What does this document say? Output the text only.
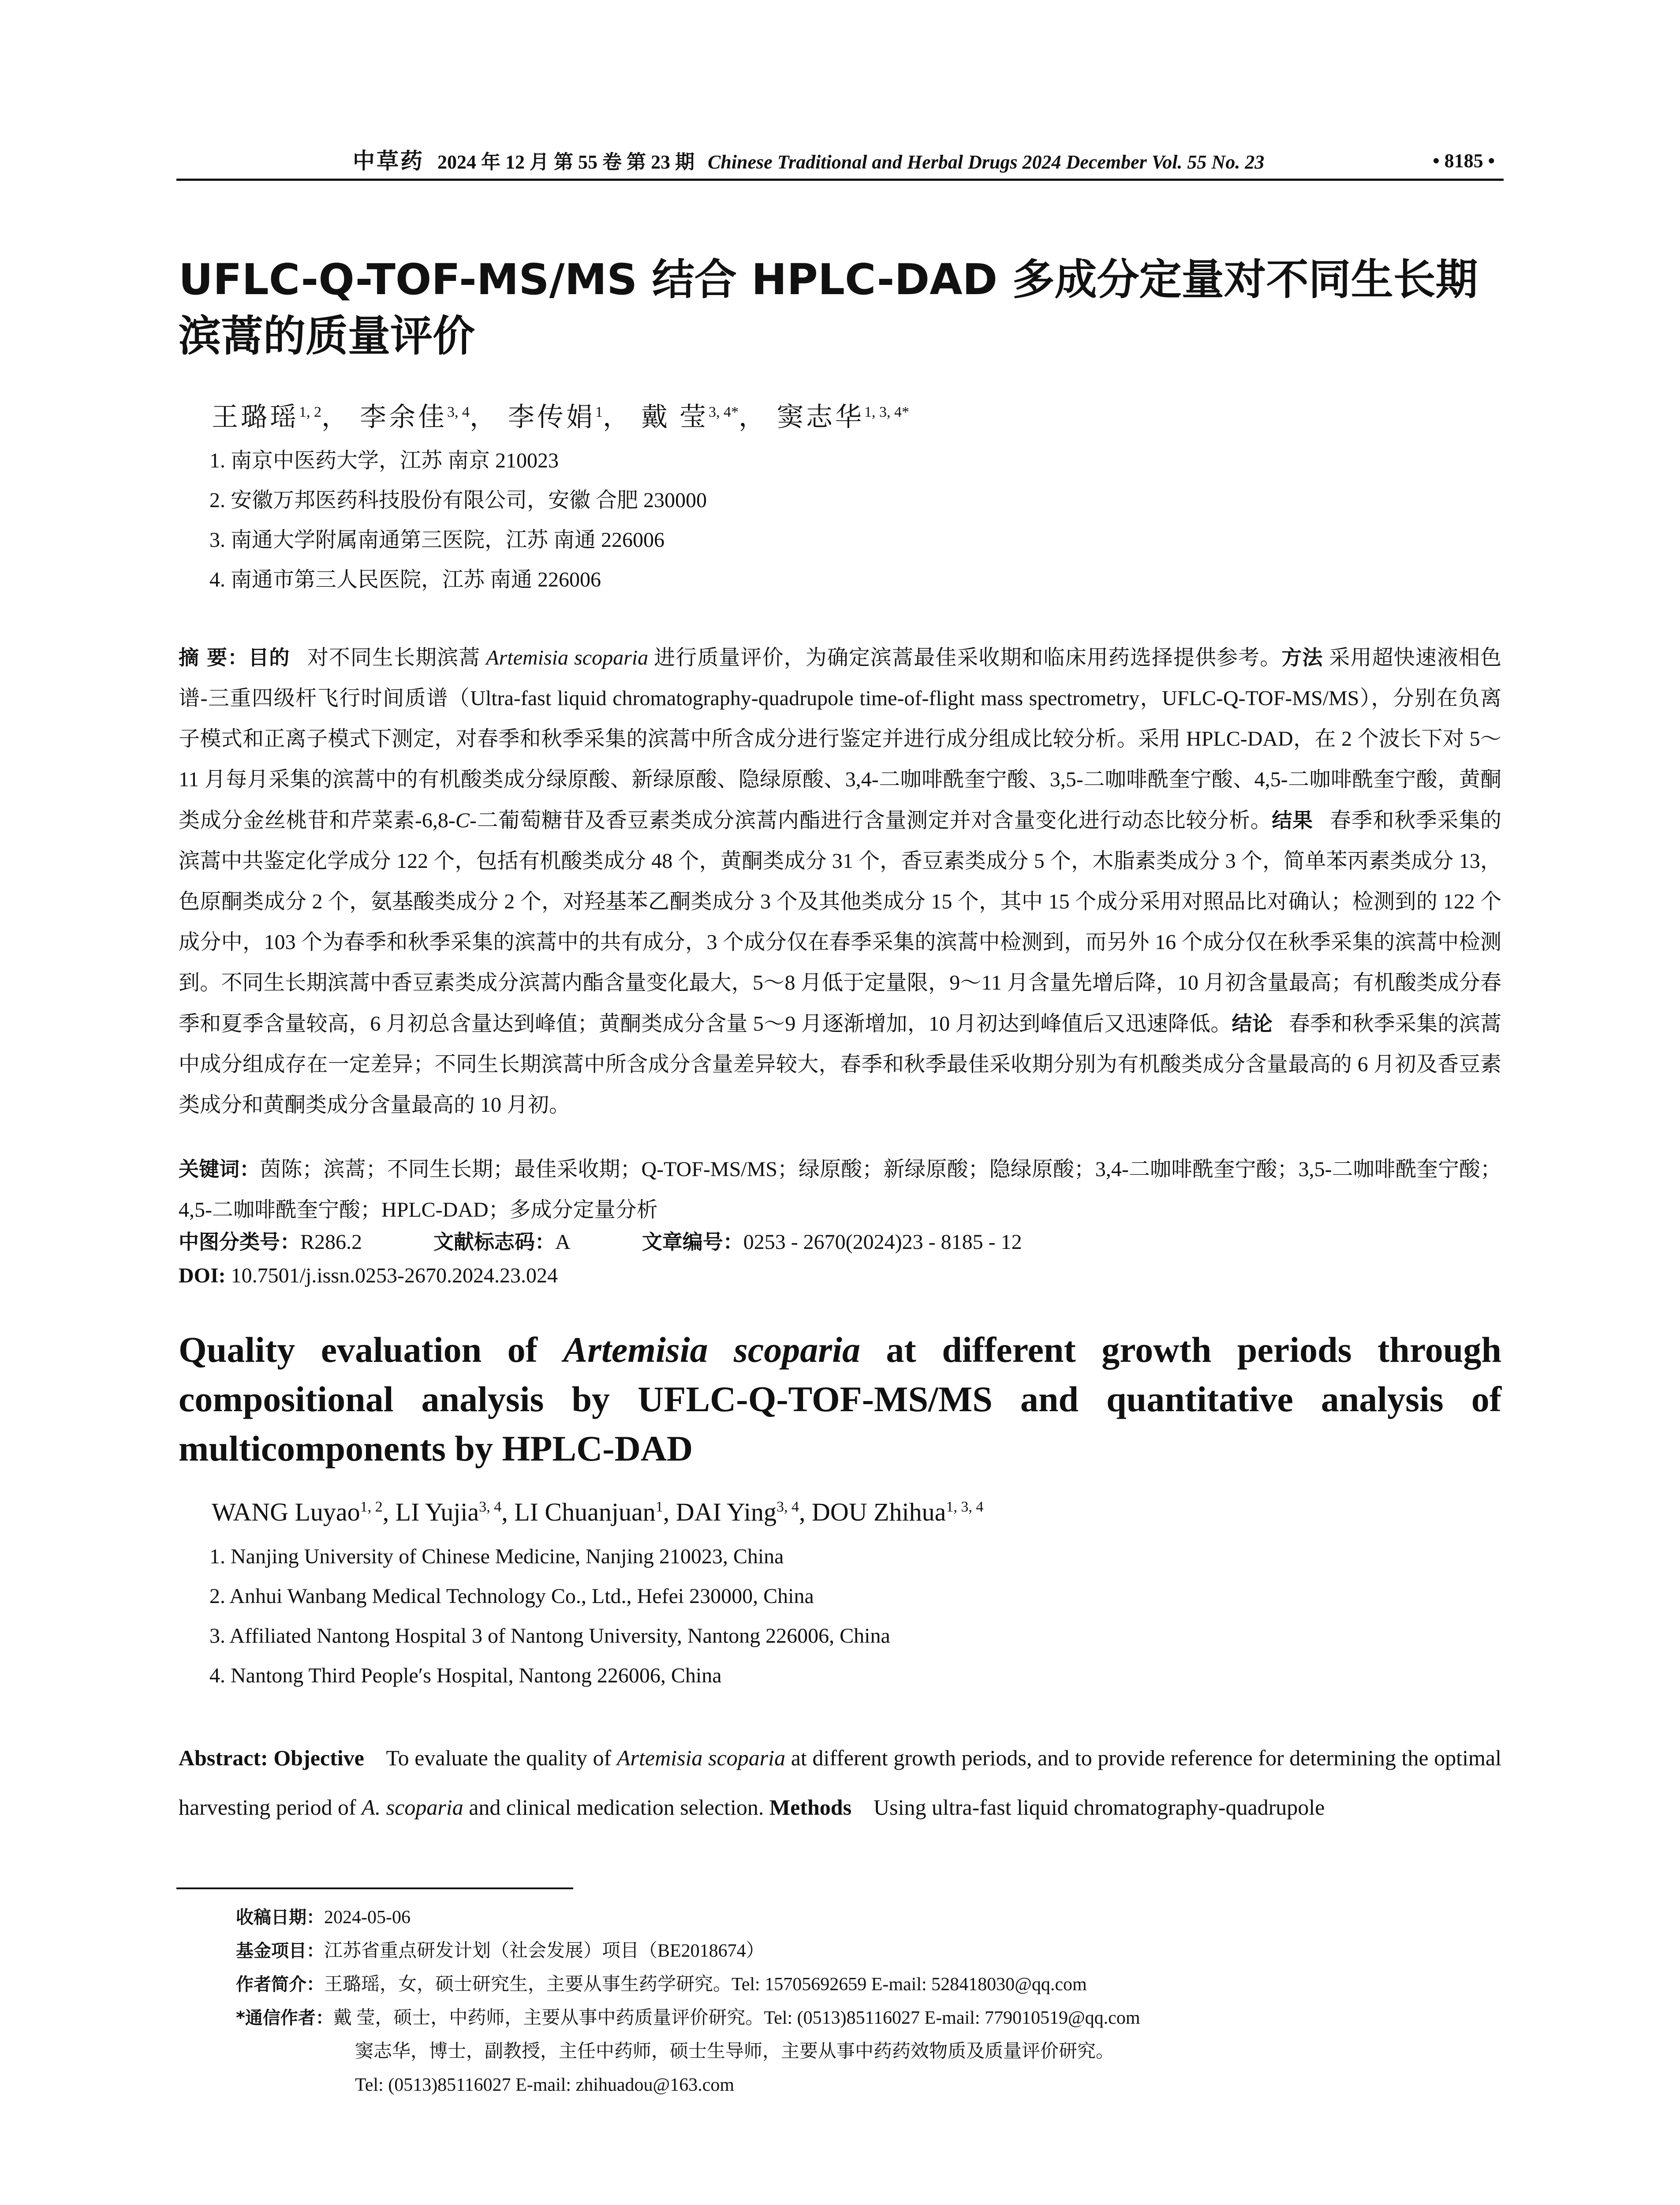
中草药 2024 年 12 月 第 55 卷 第 23 期 Chinese Traditional and Herbal Drugs 2024 December Vol. 55 No. 23	• 8185 •
UFLC-Q-TOF-MS/MS 结合 HPLC-DAD 多成分定量对不同生长期滨蒿的质量评价
王璐瑶$^{1, 2}$， 李余佳$^{3, 4}$， 李传娟$^1$， 戴 莹$^{3, 4*}$， 窦志华$^{1, 3, 4*}$
1. 南京中医药大学，江苏 南京 210023
2. 安徽万邦医药科技股份有限公司，安徽 合肥 230000
3. 南通大学附属南通第三医院，江苏 南通 226006
4. 南通市第三人民医院，江苏 南通 226006
摘 要：目的 对不同生长期滨蒿 Artemisia scoparia 进行质量评价，为确定滨蒿最佳采收期和临床用药选择提供参考。方法 采用超快速液相色谱-三重四级杆飞行时间质谱（Ultra-fast liquid chromatography-quadrupole time-of-flight mass spectrometry，UFLC-Q-TOF-MS/MS），分别在负离子模式和正离子模式下测定，对春季和秋季采集的滨蒿中所含成分进行鉴定并进行成分组成比较分析。采用 HPLC-DAD，在 2 个波长下对 5～11 月每月采集的滨蒿中的有机酸类成分绿原酸、新绿原酸、隐绿原酸、3,4-二咖啡酰奎宁酸、3,5-二咖啡酰奎宁酸、4,5-二咖啡酰奎宁酸，黄酮类成分金丝桃苷和芹菜素-6,8-C-二葡萄糖苷及香豆素类成分滨蒿内酯进行含量测定并对含量变化进行动态比较分析。结果 春季和秋季采集的滨蒿中共鉴定化学成分 122 个，包括有机酸类成分 48 个，黄酮类成分 31 个，香豆素类成分 5 个，木脂素类成分 3 个，简单苯丙素类成分 13，色原酮类成分 2 个，氨基酸类成分 2 个，对羟基苯乙酮类成分 3 个及其他类成分 15 个，其中 15 个成分采用对照品比对确认；检测到的 122 个成分中，103 个为春季和秋季采集的滨蒿中的共有成分，3 个成分仅在春季采集的滨蒿中检测到，而另外 16 个成分仅在秋季采集的滨蒿中检测到。不同生长期滨蒿中香豆素类成分滨蒿内酯含量变化最大，5～8 月低于定量限，9～11 月含量先增后降，10 月初含量最高；有机酸类成分春季和夏季含量较高，6 月初总含量达到峰值；黄酮类成分含量 5～9 月逐渐增加，10 月初达到峰值后又迅速降低。结论 春季和秋季采集的滨蒿中成分组成存在一定差异；不同生长期滨蒿中所含成分含量差异较大，春季和秋季最佳采收期分别为有机酸类成分含量最高的 6 月初及香豆素类成分和黄酮类成分含量最高的 10 月初。
关键词：茵陈；滨蒿；不同生长期；最佳采收期；Q-TOF-MS/MS；绿原酸；新绿原酸；隐绿原酸；3,4-二咖啡酰奎宁酸；3,5-二咖啡酰奎宁酸；4,5-二咖啡酰奎宁酸；HPLC-DAD；多成分定量分析
中图分类号：R286.2	文献标志码：A	文章编号：0253 - 2670(2024)23 - 8185 - 12
DOI: 10.7501/j.issn.0253-2670.2024.23.024
Quality evaluation of Artemisia scoparia at different growth periods through compositional analysis by UFLC-Q-TOF-MS/MS and quantitative analysis of multicomponents by HPLC-DAD
WANG Luyao$^{1, 2}$, LI Yujia$^{3, 4}$, LI Chuanjuan$^1$, DAI Ying$^{3, 4}$, DOU Zhihua$^{1, 3, 4}$
1. Nanjing University of Chinese Medicine, Nanjing 210023, China
2. Anhui Wanbang Medical Technology Co., Ltd., Hefei 230000, China
3. Affiliated Nantong Hospital 3 of Nantong University, Nantong 226006, China
4. Nantong Third People′s Hospital, Nantong 226006, China
Abstract: Objective To evaluate the quality of Artemisia scoparia at different growth periods, and to provide reference for determining the optimal harvesting period of A. scoparia and clinical medication selection. Methods Using ultra-fast liquid chromatography-quadrupole
收稿日期：2024-05-06
基金项目：江苏省重点研发计划（社会发展）项目（BE2018674）
作者简介：王璐瑶，女，硕士研究生，主要从事生药学研究。Tel: 15705692659 E-mail: 528418030@qq.com
*通信作者：戴 莹，硕士，中药师，主要从事中药质量评价研究。Tel: (0513)85116027 E-mail: 779010519@qq.com
窦志华，博士，副教授，主任中药师，硕士生导师，主要从事中药药效物质及质量评价研究。
Tel: (0513)85116027 E-mail: zhihuadou@163.com
